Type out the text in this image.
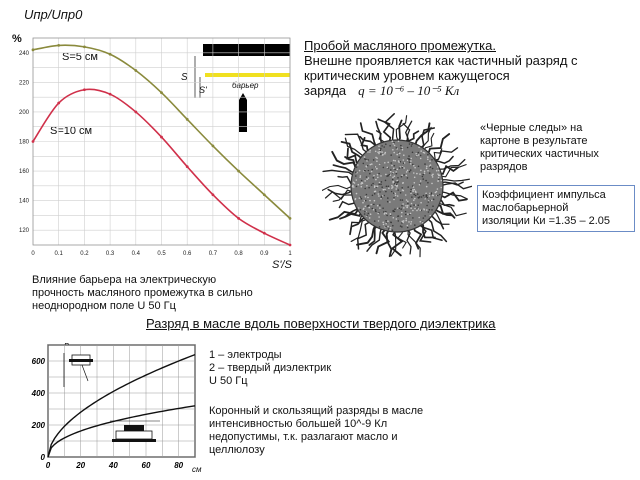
Uпр/Uпр0
%
S'/S
S=5 см
S=10 см
S
S'	барьер
240
220
200
180
160
140
120
0	0.1	0.2	0.3	0.4	0.5	0.6	0.7	0.8	0.9	1
Пробой масляного промежутка.
Внешне проявляется как частичный разряд с
критическим уровнем кажущегося
заряда q = 10⁻⁶ – 10⁻⁵ Кл
«Черные следы» на
картоне в результате
критических частичных
разрядов
Коэффициент импульса
маслобарьерной
изоляции Ки =1.35 – 2.05
Влияние барьера на электрическую
прочность масляного промежутка в сильно
неоднородном поле U 50 Гц
Разряд в масле вдоль поверхности твердого диэлектрика
см
600
400
200
0
0	20	40	60	80
1 – электроды
2 – твердый диэлектрик
U 50 Гц
Коронный и скользящий разряды в масле
интенсивностью большей 10^-9 Кл
недопустимы, т.к. разлагают масло и
целлюлозу
